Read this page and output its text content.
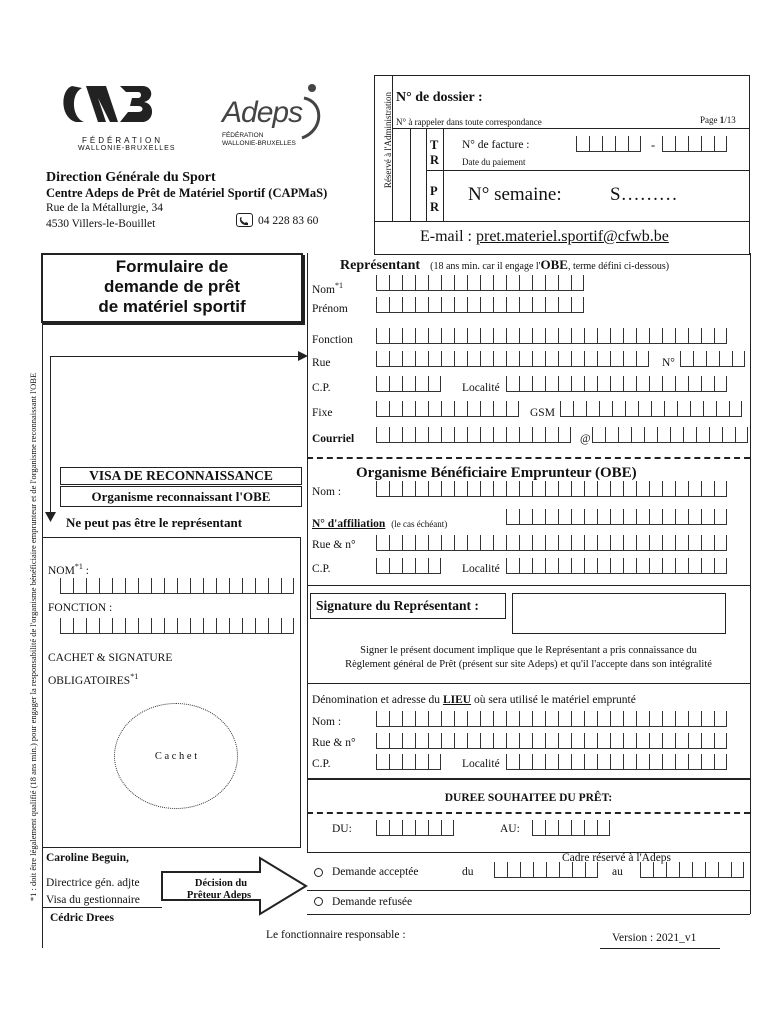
FÉDÉRATION
WALLONIE-BRUXELLES
Adeps
FÉDÉRATION
WALLONIE-BRUXELLES
Direction Générale du Sport
Centre Adeps de Prêt de Matériel Sportif (CAPMaS)
Rue de la Métallurgie, 34
4530 Villers-le-Bouillet	04 228 83 60
Réservé à l'Administration N° de dossier :
N° à rappeler dans toute correspondance	Page 1/13
T
R
N° de facture :	-
Date du paiement
P
R
N° semaine:	S………
E-mail : pret.materiel.sportif@cfwb.be
Formulaire de
demande de prêt
de matériel sportif
*1 : doit être légalement qualifié (18 ans min.) pour engager la responsabilité de l'organisme bénéficiaire emprunteur et de l'organisme reconnaissant l'OBE
Représentant (18 ans min. car il engage l'OBE, terme défini ci-dessous)
Nom$^{*1}$
Prénom
Fonction
Rue	N°
C.P.	Localité
Fixe	GSM
Courriel	@
VISA DE RECONNAISSANCE
Organisme reconnaissant l'OBE
Ne peut pas être le représentant
NOM$^{*1}$ :
FONCTION :
CACHET & SIGNATURE
OBLIGATOIRES$^{*1}$
C a c h e t
Organisme Bénéficiaire Emprunteur (OBE)
Nom :
N° d'affiliation (le cas échéant)
Rue & n°
C.P.	Localité
Signature du Représentant :
Signer le présent document implique que le Représentant a pris connaissance du
Règlement général de Prêt (présent sur site Adeps) et qu'il l'accepte dans son intégralité
Dénomination et adresse du LIEU où sera utilisé le matériel emprunté
Nom :
Rue & n°
C.P.	Localité
DUREE SOUHAITEE DU PRÊT:
DU:	AU:
Caroline Beguin,
Directrice gén. adjte
Visa du gestionnaire
Cédric Drees
Décision du
Prêteur Adeps
Cadre réservé à l'Adeps
Demande acceptée	du	au
Demande refusée
Le fonctionnaire responsable :	Version : 2021_v1
